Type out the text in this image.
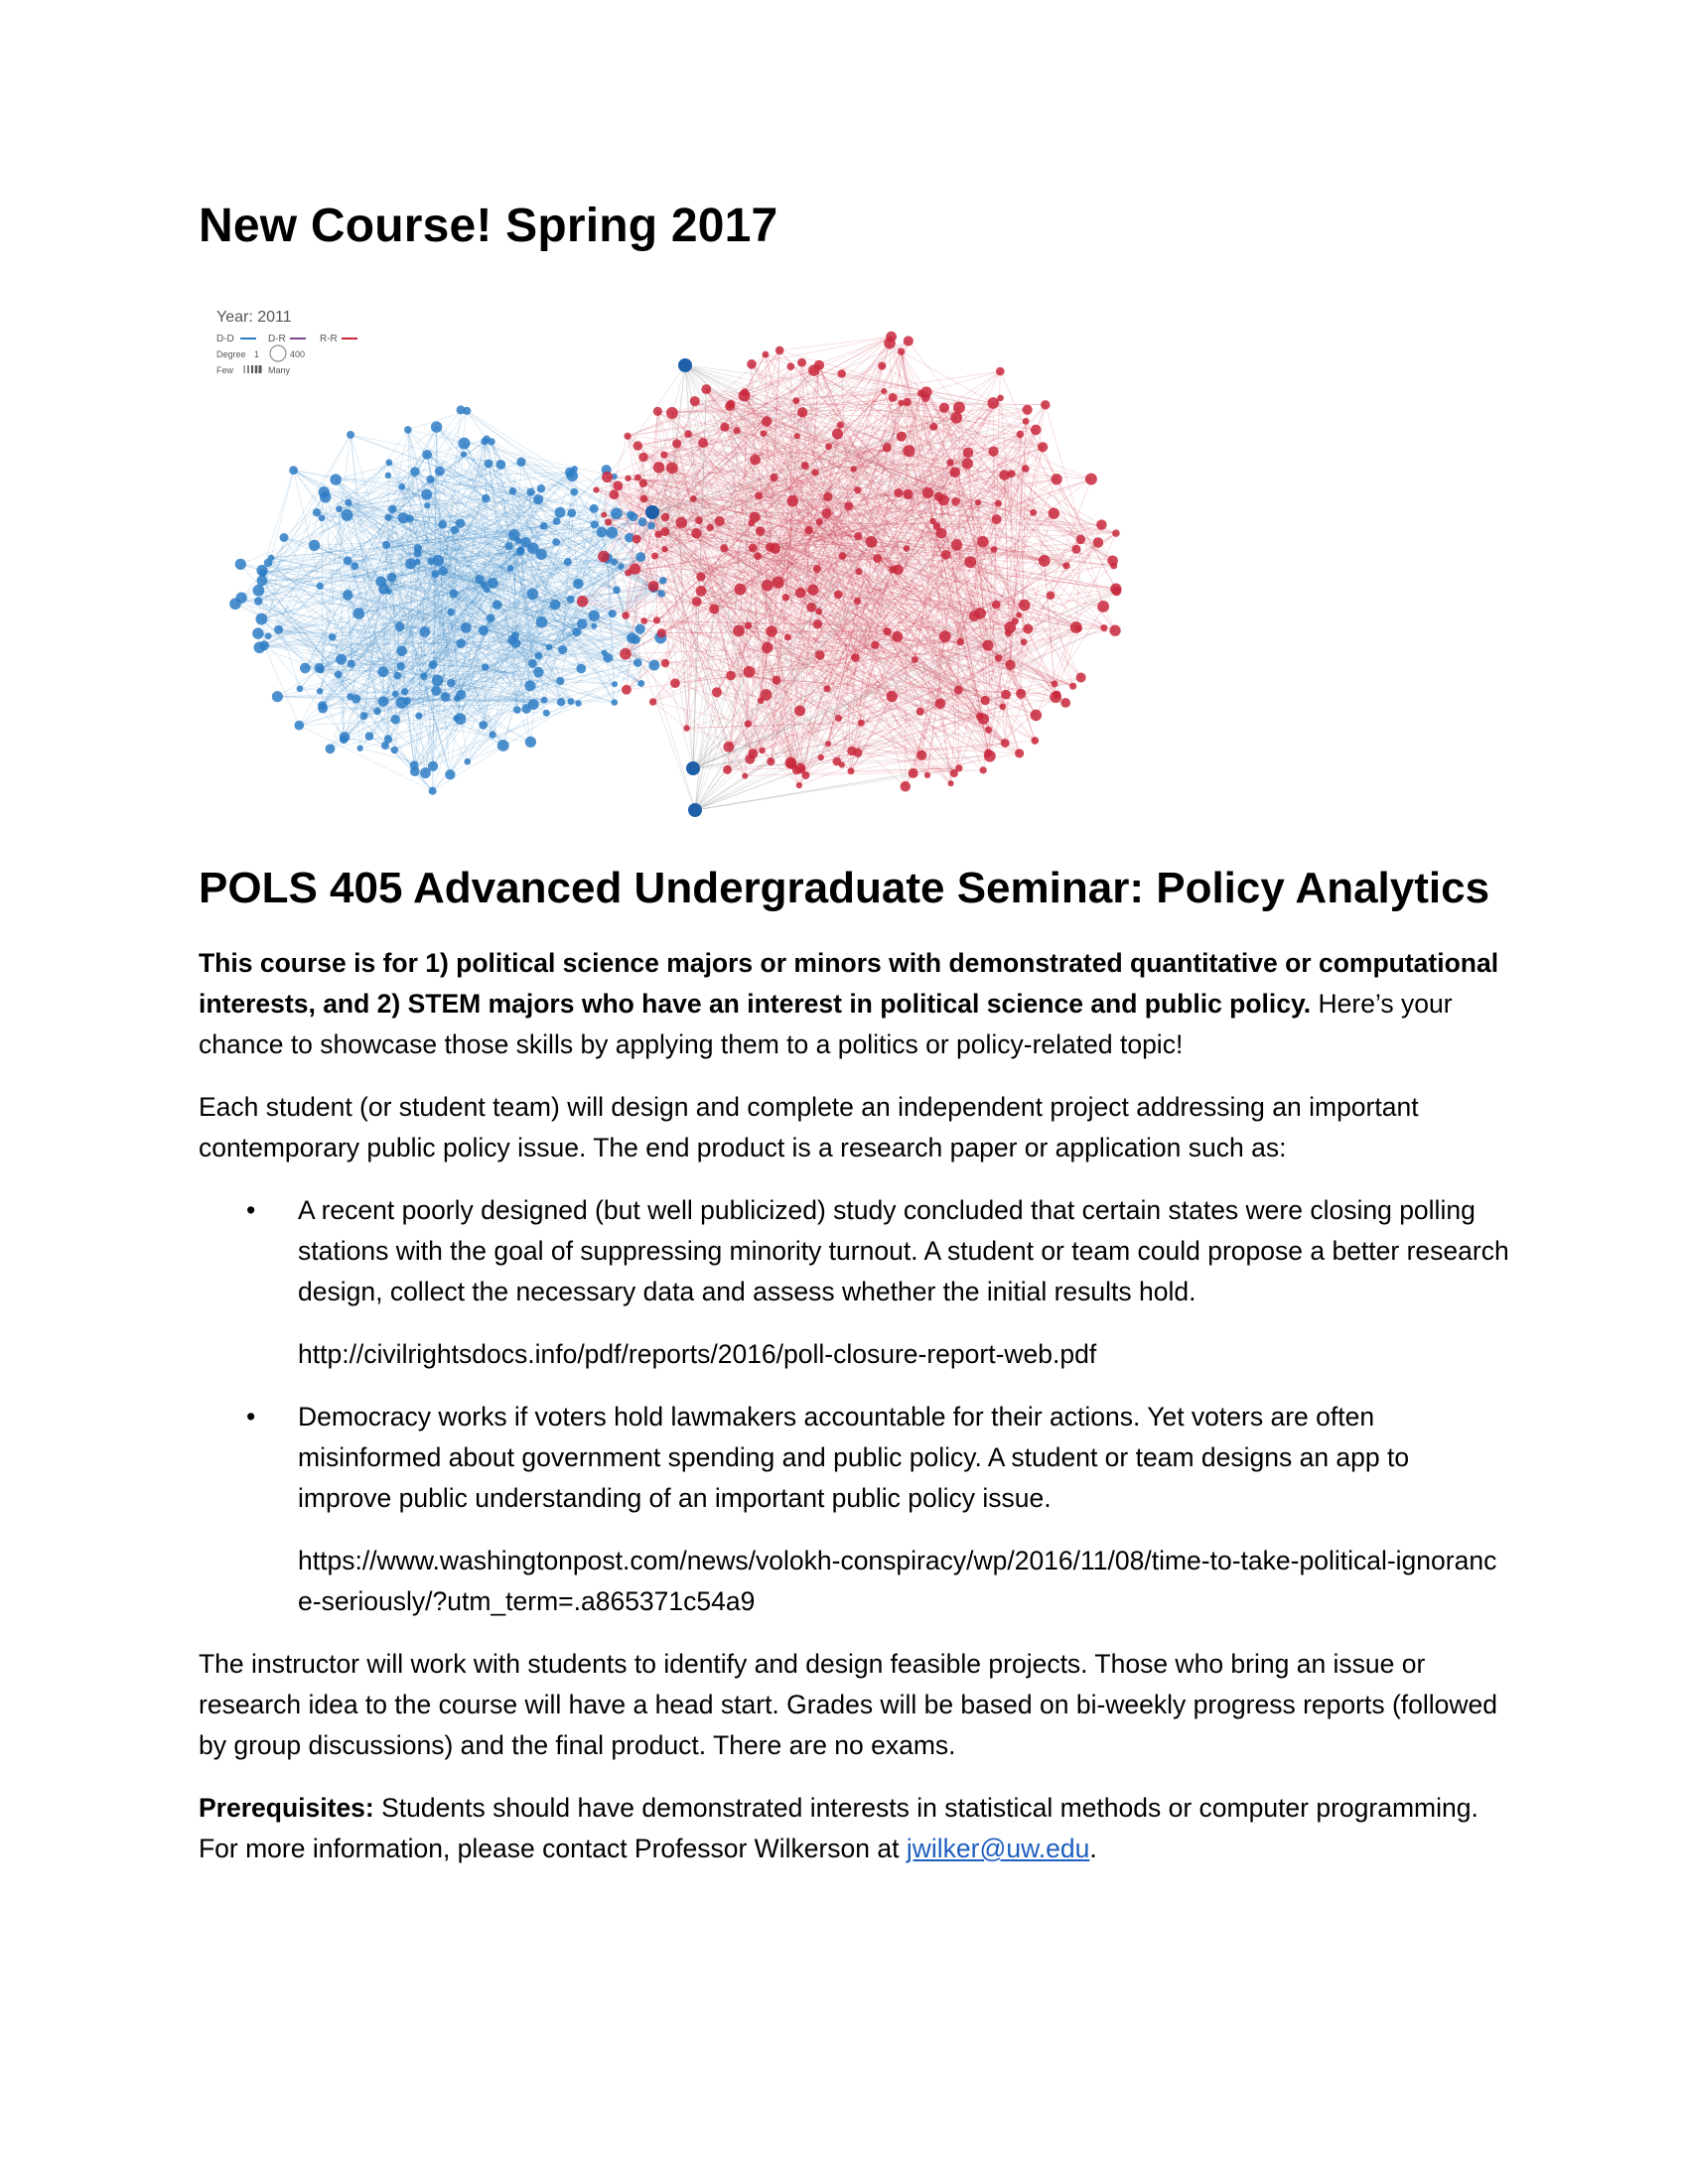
New Course! Spring 2017
Year: 2011
D-D	D-R	R-R
Degree 1	400
Few	Many
POLS 405 Advanced Undergraduate Seminar: Policy Analytics

This course is for 1) political science majors or minors with demonstrated quantitative or computational interests, and 2) STEM majors who have an interest in political science and public policy. Here’s your chance to showcase those skills by applying them to a politics or policy-related topic!

Each student (or student team) will design and complete an independent project addressing an important contemporary public policy issue. The end product is a research paper or application such as:

• A recent poorly designed (but well publicized) study concluded that certain states were closing polling stations with the goal of suppressing minority turnout. A student or team could propose a better research design, collect the necessary data and assess whether the initial results hold.
http://civilrightsdocs.info/pdf/reports/2016/poll-closure-report-web.pdf
• Democracy works if voters hold lawmakers accountable for their actions. Yet voters are often misinformed about government spending and public policy. A student or team designs an app to improve public understanding of an important public policy issue.
https://www.washingtonpost.com/news/volokh-conspiracy/wp/2016/11/08/time-to-take-political-ignorance-seriously/?utm_term=.a865371c54a9

The instructor will work with students to identify and design feasible projects. Those who bring an issue or research idea to the course will have a head start. Grades will be based on bi-weekly progress reports (followed by group discussions) and the final product. There are no exams.

Prerequisites: Students should have demonstrated interests in statistical methods or computer programming. For more information, please contact Professor Wilkerson at jwilker@uw.edu.
